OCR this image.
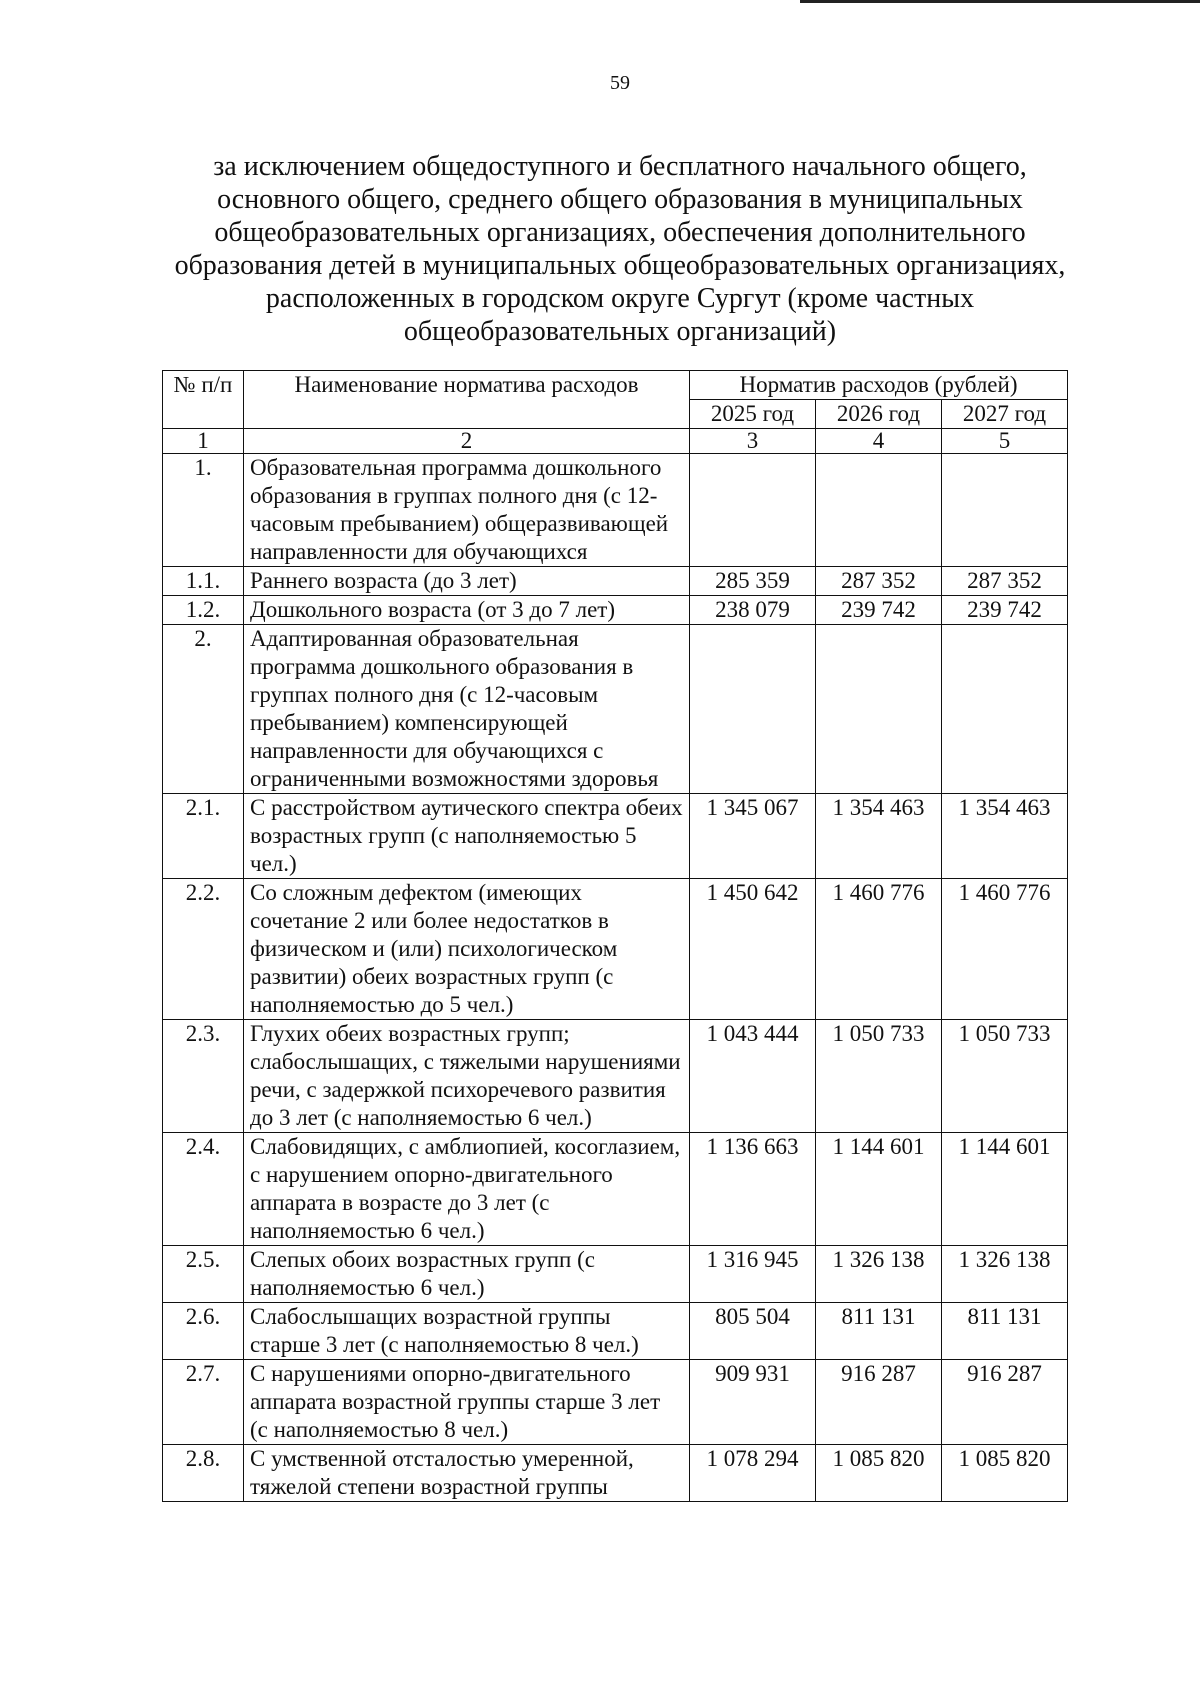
59
за исключением общедоступного и бесплатного начального общего,
основного общего, среднего общего образования в муниципальных
общеобразовательных организациях, обеспечения дополнительного
образования детей в муниципальных общеобразовательных организациях,
расположенных в городском округе Сургут (кроме частных
общеобразовательных организаций)
№ п/п	Наименование норматива расходов	Норматив расходов (рублей)		
		2025 год	2026 год	2027 год
1	2	3	4	5
1.	Образовательная программа дошкольного образования в группах полного дня (с 12-часовым пребыванием) общеразвивающей направленности для обучающихся			
1.1.	Раннего возраста (до 3 лет)	285 359	287 352	287 352
1.2.	Дошкольного возраста (от 3 до 7 лет)	238 079	239 742	239 742
2.	Адаптированная образовательная программа дошкольного образования в группах полного дня (с 12-часовым пребыванием) компенсирующей направленности для обучающихся с ограниченными возможностями здоровья			
2.1.	С расстройством аутического спектра обеих возрастных групп (с наполняемостью 5 чел.)	1 345 067	1 354 463	1 354 463
2.2.	Со сложным дефектом (имеющих сочетание 2 или более недостатков в физическом и (или) психологическом развитии) обеих возрастных групп (с наполняемостью до 5 чел.)	1 450 642	1 460 776	1 460 776
2.3.	Глухих обеих возрастных групп; слабослышащих, с тяжелыми нарушениями речи, с задержкой психоречевого развития до 3 лет (с наполняемостью 6 чел.)	1 043 444	1 050 733	1 050 733
2.4.	Слабовидящих, с амблиопией, косоглазием, с нарушением опорно-двигательного аппарата в возрасте до 3 лет (с наполняемостью 6 чел.)	1 136 663	1 144 601	1 144 601
2.5.	Слепых обоих возрастных групп (с наполняемостью 6 чел.)	1 316 945	1 326 138	1 326 138
2.6.	Слабослышащих возрастной группы старше 3 лет (с наполняемостью 8 чел.)	805 504	811 131	811 131
2.7.	С нарушениями опорно-двигательного аппарата возрастной группы старше 3 лет (с наполняемостью 8 чел.)	909 931	916 287	916 287
2.8.	С умственной отсталостью умеренной, тяжелой степени возрастной группы	1 078 294	1 085 820	1 085 820
